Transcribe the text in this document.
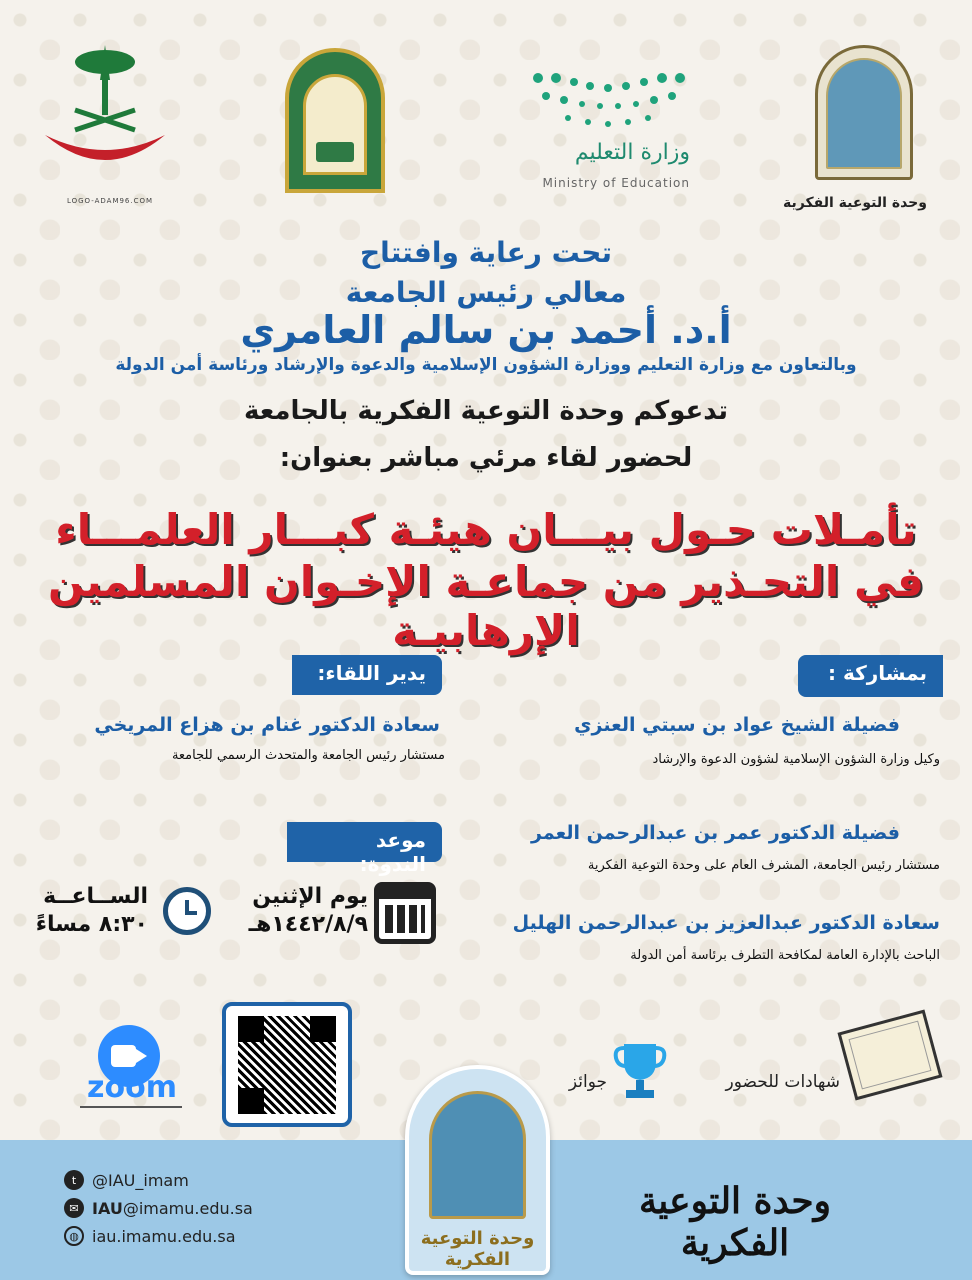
وحدة التوعية الفكرية
وزارة التعليم
Ministry of Education
LOGO-ADAM96.COM
تحت رعاية وافتتاح
معالي رئيس الجامعة
أ.د. أحمد بن سالم العامري
وبالتعاون مع وزارة التعليم ووزارة الشؤون الإسلامية والدعوة والإرشاد ورئاسة أمن الدولة
تدعوكم وحدة التوعية الفكرية بالجامعة
لحضور لقاء مرئي مباشر بعنوان:
تأمـلات حـول بيـــان هيئـة كبـــار العلمـــاء
في التحـذير من جماعـة الإخـوان المسلمين الإرهابيـة
بمشاركة :
فضيلة الشيخ عواد بن سبتي العنزي
وكيل وزارة الشؤون الإسلامية لشؤون الدعوة والإرشاد
فضيلة الدكتور عمر بن عبدالرحمن العمر
مستشار رئيس الجامعة، المشرف العام على وحدة التوعية الفكرية
سعادة الدكتور عبدالعزيز بن عبدالرحمن الهليل
الباحث بالإدارة العامة لمكافحة التطرف برئاسة أمن الدولة
يدير اللقاء:
سعادة الدكتور غنام بن هزاع المريخي
مستشار رئيس الجامعة والمتحدث الرسمي للجامعة
موعد الندوة:
يوم الإثنين
١٤٤٢/٨/٩هـ
الســاعــة
٨:٣٠ مساءً
zoom	شهادات للحضور
جوائز
وحدة التوعية الفكرية
t @IAU_imam
✉ IAU@imamu.edu.sa
◍ iau.imamu.edu.sa
وحدة التوعية الفكرية
